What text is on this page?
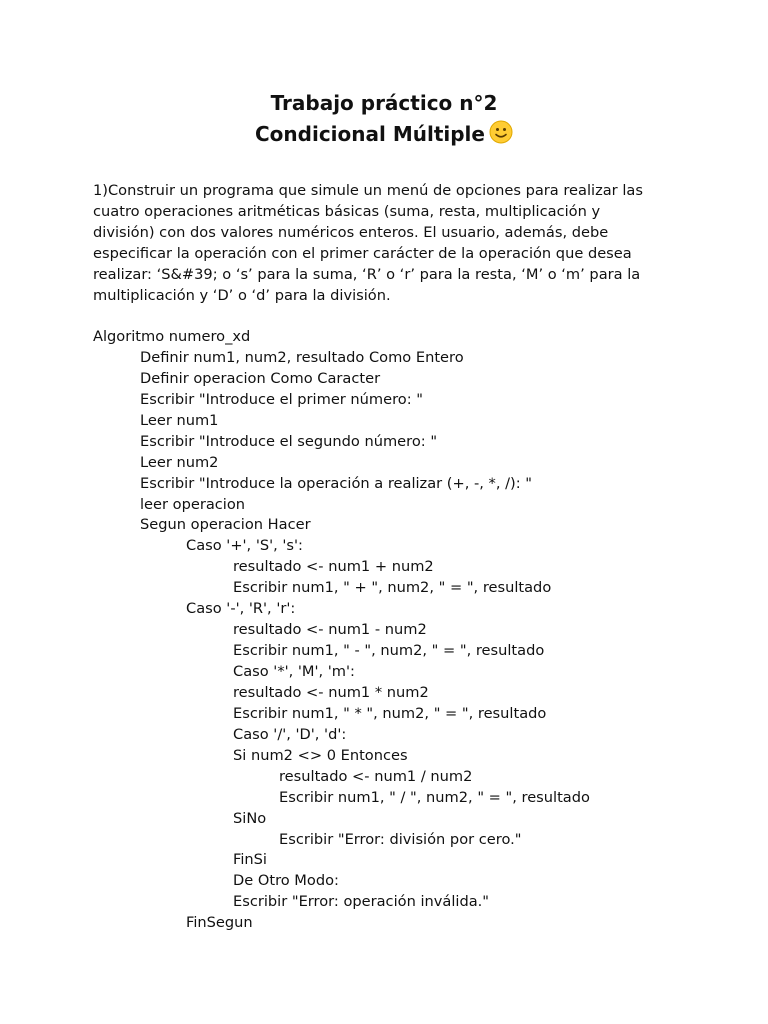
Trabajo práctico n°2
Condicional Múltiple
1)Construir un programa que simule un menú de opciones para realizar las
cuatro operaciones aritméticas básicas (suma, resta, multiplicación y
división) con dos valores numéricos enteros. El usuario, además, debe
especificar la operación con el primer carácter de la operación que desea
realizar: ‘S&#39; o ‘s’ para la suma, ‘R’ o ‘r’ para la resta, ‘M’ o ‘m’ para la
multiplicación y ‘D’ o ‘d’ para la división.
Algoritmo numero_xd
Definir num1, num2, resultado Como Entero
Definir operacion Como Caracter
Escribir "Introduce el primer número: "
Leer num1
Escribir "Introduce el segundo número: "
Leer num2
Escribir "Introduce la operación a realizar (+, -, *, /): "
leer operacion
Segun operacion Hacer
Caso '+', 'S', 's':
resultado <- num1 + num2
Escribir num1, " + ", num2, " = ", resultado
Caso '-', 'R', 'r':
resultado <- num1 - num2
Escribir num1, " - ", num2, " = ", resultado
Caso '*', 'M', 'm':
resultado <- num1 * num2
Escribir num1, " * ", num2, " = ", resultado
Caso '/', 'D', 'd':
Si num2 <> 0 Entonces
resultado <- num1 / num2
Escribir num1, " / ", num2, " = ", resultado
SiNo
Escribir "Error: división por cero."
FinSi
De Otro Modo:
Escribir "Error: operación inválida."
FinSegun
